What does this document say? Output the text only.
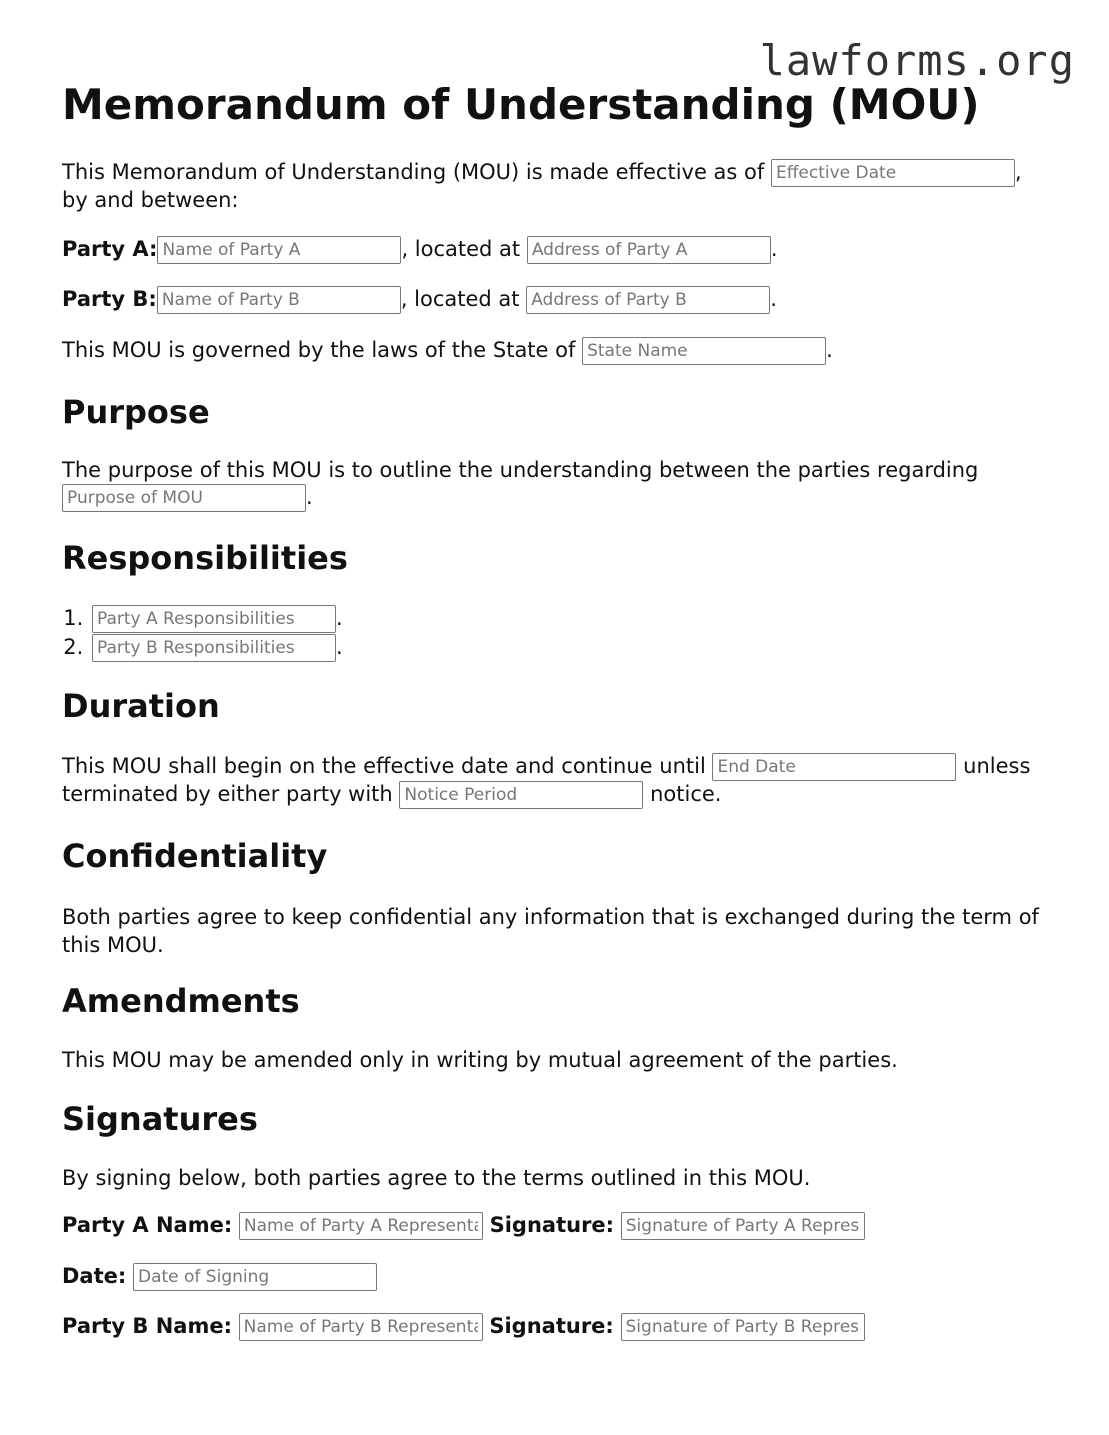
lawforms.org
Memorandum of Understanding (MOU)
This Memorandum of Understanding (MOU) is made effective as of Effective Date	,
by and between:
Party A:Name of Party A	, located at Address of Party A	.
Party B:Name of Party B	, located at Address of Party B	.
This MOU is governed by the laws of the State of State Name	.
Purpose
The purpose of this MOU is to outline the understanding between the parties regarding
Purpose of MOU.
Responsibilities
Party A Responsibilities 1. .
Party B Responsibilities 2. .
Duration
This MOU shall begin on the effective date and continue until End Date	unless
terminated by either party with Notice Period	notice.
Confidentiality

Both parties agree to keep confidential any information that is exchanged during the term of this MOU.

Amendments

This MOU may be amended only in writing by mutual agreement of the parties.

Signatures

By signing below, both parties agree to the terms outlined in this MOU.

Party A Name: Name of Party A Representative	Signature: Signature of Party A Representative
Date: Date of Signing
Party B Name: Name of Party B Representative	Signature: Signature of Party B Representative
